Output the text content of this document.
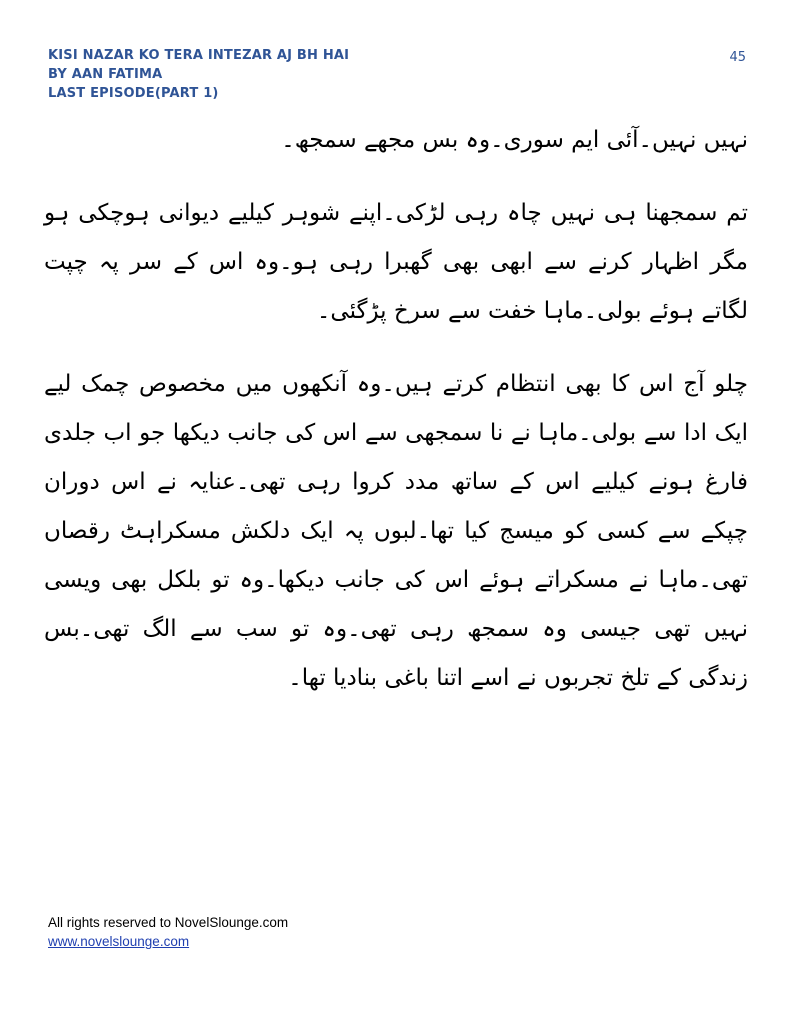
KISI NAZAR KO TERA INTEZAR AJ BH HAI
BY AAN FATIMA
LAST EPISODE(PART 1)
45

نہیں نہیں۔آئی ایم سوری۔وہ بس مجھے سمجھ۔

تم سمجھنا ہی نہیں چاہ رہی لڑکی۔اپنے شوہر کیلیے دیوانی ہوچکی ہو مگر اظہار کرنے سے ابھی بھی گھبرا رہی ہو۔وہ اس کے سر پہ چپت لگاتے ہوئے بولی۔ماہا خفت سے سرخ پڑگئی۔

چلو آج اس کا بھی انتظام کرتے ہیں۔وہ آنکھوں میں مخصوص چمک لیے ایک ادا سے بولی۔ماہا نے نا سمجھی سے اس کی جانب دیکھا جو اب جلدی فارغ ہونے کیلیے اس کے ساتھ مدد کروا رہی تھی۔عنایہ نے اس دوران چپکے سے کسی کو میسج کیا تھا۔لبوں پہ ایک دلکش مسکراہٹ رقصاں تھی۔ماہا نے مسکراتے ہوئے اس کی جانب دیکھا۔وہ تو بلکل بھی ویسی نہیں تھی جیسی وہ سمجھ رہی تھی۔وہ تو سب سے الگ تھی۔بس زندگی کے تلخ تجربوں نے اسے اتنا باغی بنادیا تھا۔

All rights reserved to NovelSlounge.com
www.novelslounge.com
